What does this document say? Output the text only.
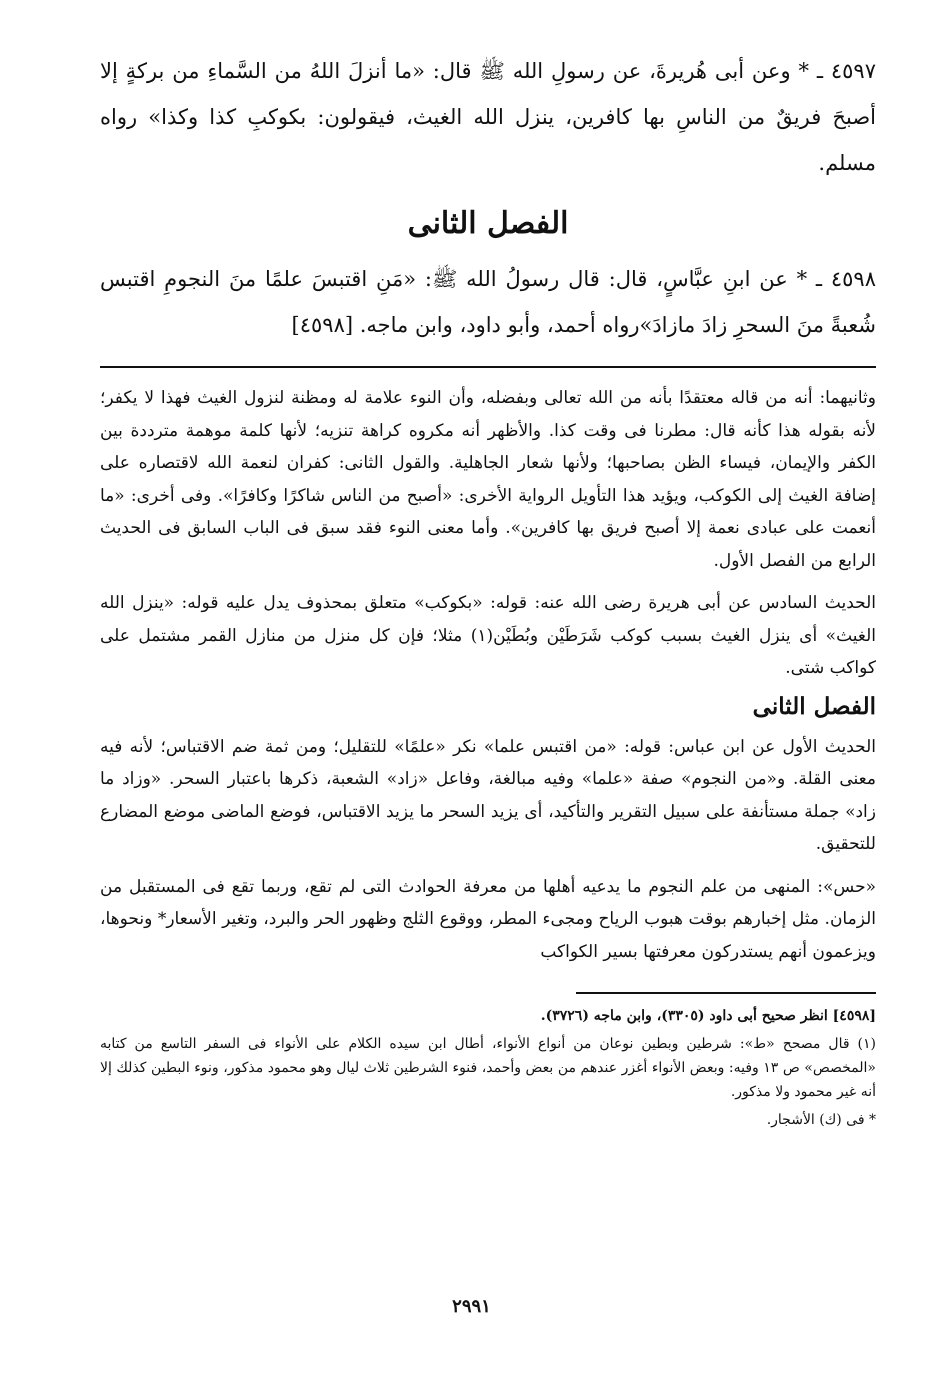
٤٥٩٧ ـ * وعن أبى هُريرةَ، عن رسولِ الله ﷺ قال: «ما أنزلَ اللهُ من السَّماءِ من بركةٍ إلا أصبحَ فريقٌ من الناسِ بها كافرين، ينزل الله الغيث، فيقولون: بكوكبِ كذا وكذا» رواه مسلم.

الفصل الثانى

٤٥٩٨ ـ * عن ابنِ عبَّاسٍ، قال: قال رسولُ الله ﷺ: «مَنِ اقتبسَ علمًا منَ النجومِ اقتبس شُعبةً منَ السحرِ زادَ مازادَ»رواه أحمد، وأبو داود، وابن ماجه. [٤٥٩٨]

وثانيهما: أنه من قاله معتقدًا بأنه من الله تعالى وبفضله، وأن النوء علامة له ومظنة لنزول الغيث فهذا لا يكفر؛ لأنه بقوله هذا كأنه قال: مطرنا فى وقت كذا. والأظهر أنه مكروه كراهة تنزيه؛ لأنها كلمة موهمة مترددة بين الكفر والإيمان، فيساء الظن بصاحبها؛ ولأنها شعار الجاهلية. والقول الثانى: كفران لنعمة الله لاقتصاره على إضافة الغيث إلى الكوكب، ويؤيد هذا التأويل الرواية الأخرى: «أصبح من الناس شاكرًا وكافرًا». وفى أخرى: «ما أنعمت على عبادى نعمة إلا أصبح فريق بها كافرين». وأما معنى النوء فقد سبق فى الباب السابق فى الحديث الرابع من الفصل الأول.

الحديث السادس عن أبى هريرة رضى الله عنه: قوله: «بكوكب» متعلق بمحذوف يدل عليه قوله: «ينزل الله الغيث» أى ينزل الغيث بسبب كوكب شَرَطَيْن وبُطَيْن(١) مثلا؛ فإن كل منزل من منازل القمر مشتمل على كواكب شتى.

الفصل الثانى

الحديث الأول عن ابن عباس: قوله: «من اقتبس علما» نكر «علمًا» للتقليل؛ ومن ثمة ضم الاقتباس؛ لأنه فيه معنى القلة. و«من النجوم» صفة «علما» وفيه مبالغة، وفاعل «زاد» الشعبة، ذكرها باعتبار السحر. «وزاد ما زاد» جملة مستأنفة على سبيل التقرير والتأكيد، أى يزيد السحر ما يزيد الاقتباس، فوضع الماضى موضع المضارع للتحقيق.

«حس»: المنهى من علم النجوم ما يدعيه أهلها من معرفة الحوادث التى لم تقع، وربما تقع فى المستقبل من الزمان. مثل إخبارهم بوقت هبوب الرياح ومجىء المطر، ووقوع الثلج وظهور الحر والبرد، وتغير الأسعار* ونحوها، ويزعمون أنهم يستدركون معرفتها بسير الكواكب

[٤٥٩٨] انظر صحيح أبى داود (٣٣٠٥)، وابن ماجه (٣٧٢٦).

(١) قال مصحح «ط»: شرطين وبطين نوعان من أنواع الأنواء، أطال ابن سيده الكلام على الأنواء فى السفر التاسع من كتابه «المخصص» ص ١٣ وفيه: وبعض الأنواء أغزر عندهم من بعض وأحمد، فنوء الشرطين ثلاث ليال وهو محمود مذكور، ونوء البطين كذلك إلا أنه غير محمود ولا مذكور.

* فى (ك) الأشجار.

٢٩٩١
